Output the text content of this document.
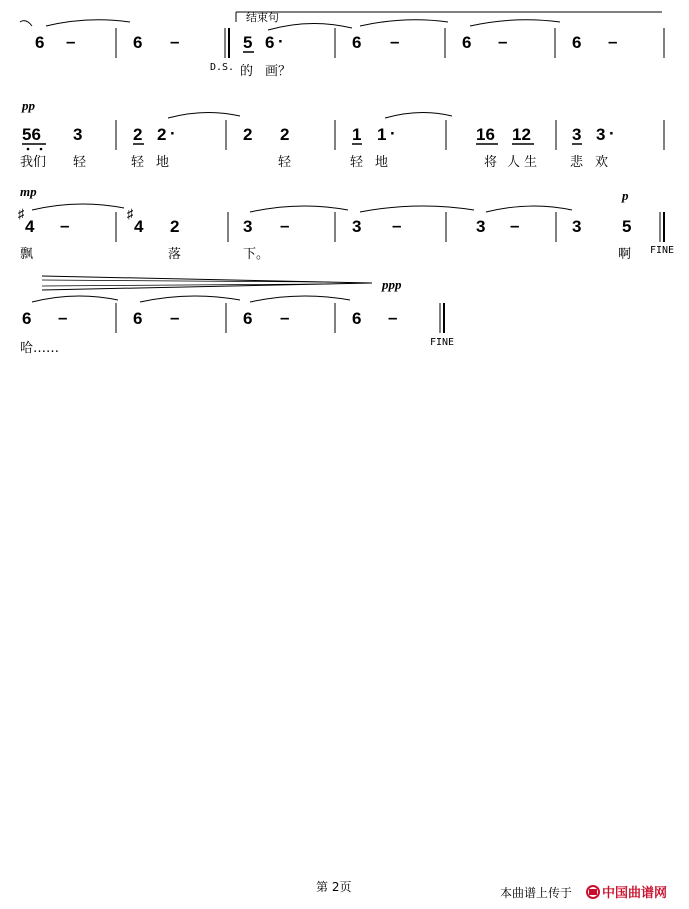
结束句
6 –	6 –	5 6 ·	6 –	6 –	6 –
D.S. 的 画？
pp
56 3	2 2 ·	2 2	1 1 ·	16 12 3 3 ·
我们 轻	轻 地	轻	轻 地	将 人 生	悲 欢
mp	p
♯
4 –
♯
4 2	3 –	3 –	3 –	3 5
FINE
飘	落	下。	啊
ppp
6 –	6 –	6 –	6 –
FINE
哈……
第 2页	本曲谱上传于 中国曲谱网
